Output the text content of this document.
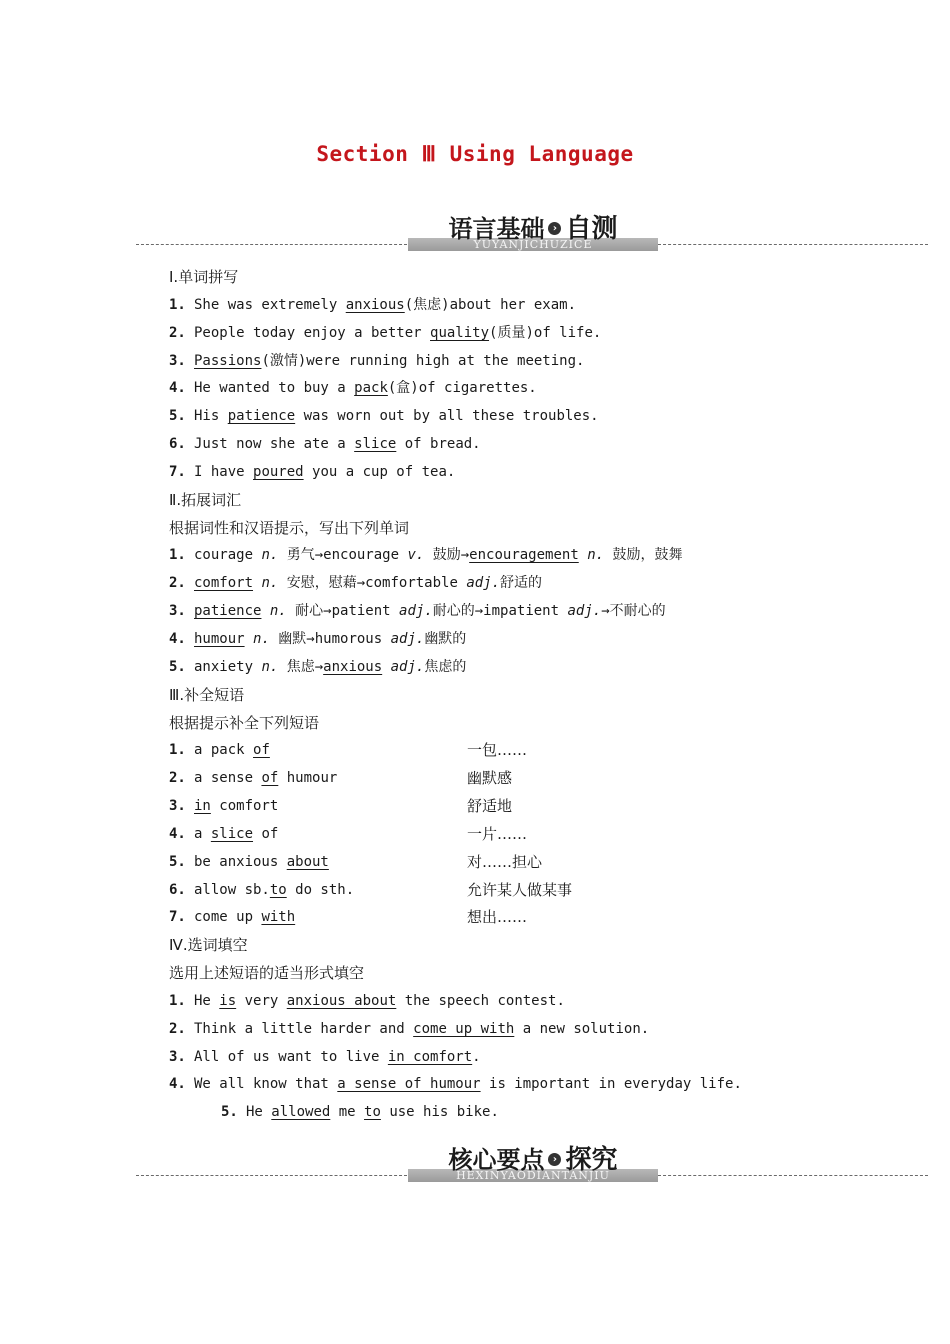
Section Ⅲ Using Language
YUYANJICHUZICE
语言基础 › 自测
Ⅰ.单词拼写
1. She was extremely anxious(焦虑)about her exam.
2. People today enjoy a better quality(质量)of life.
3. Passions(激情)were running high at the meeting.
4. He wanted to buy a pack(盒)of cigarettes.
5. His patience was worn out by all these troubles.
6. Just now she ate a slice of bread.
7. I have poured you a cup of tea.
Ⅱ.拓展词汇
根据词性和汉语提示，写出下列单词
1. courage n. 勇气→encourage v. 鼓励→encouragement n. 鼓励，鼓舞
2. comfort n. 安慰，慰藉→comfortable adj.舒适的
3. patience n. 耐心→patient adj.耐心的→impatient adj.→不耐心的
4. humour n. 幽默→humorous adj.幽默的
5. anxiety n. 焦虑→anxious adj.焦虑的
Ⅲ.补全短语
根据提示补全下列短语
1. a pack of	一包……
2. a sense of humour	幽默感
3. in comfort	舒适地
4. a slice of	一片……
5. be anxious about	对……担心
6. allow sb.to do sth.	允许某人做某事
7. come up with	想出……
Ⅳ.选词填空
选用上述短语的适当形式填空
1. He is very anxious about the speech contest.
2. Think a little harder and come up with a new solution.
3. All of us want to live in comfort.
4. We all know that a sense of humour is important in everyday life.
5. He allowed me to use his bike.
HEXINYAODIANTANJIU
核心要点 › 探究
